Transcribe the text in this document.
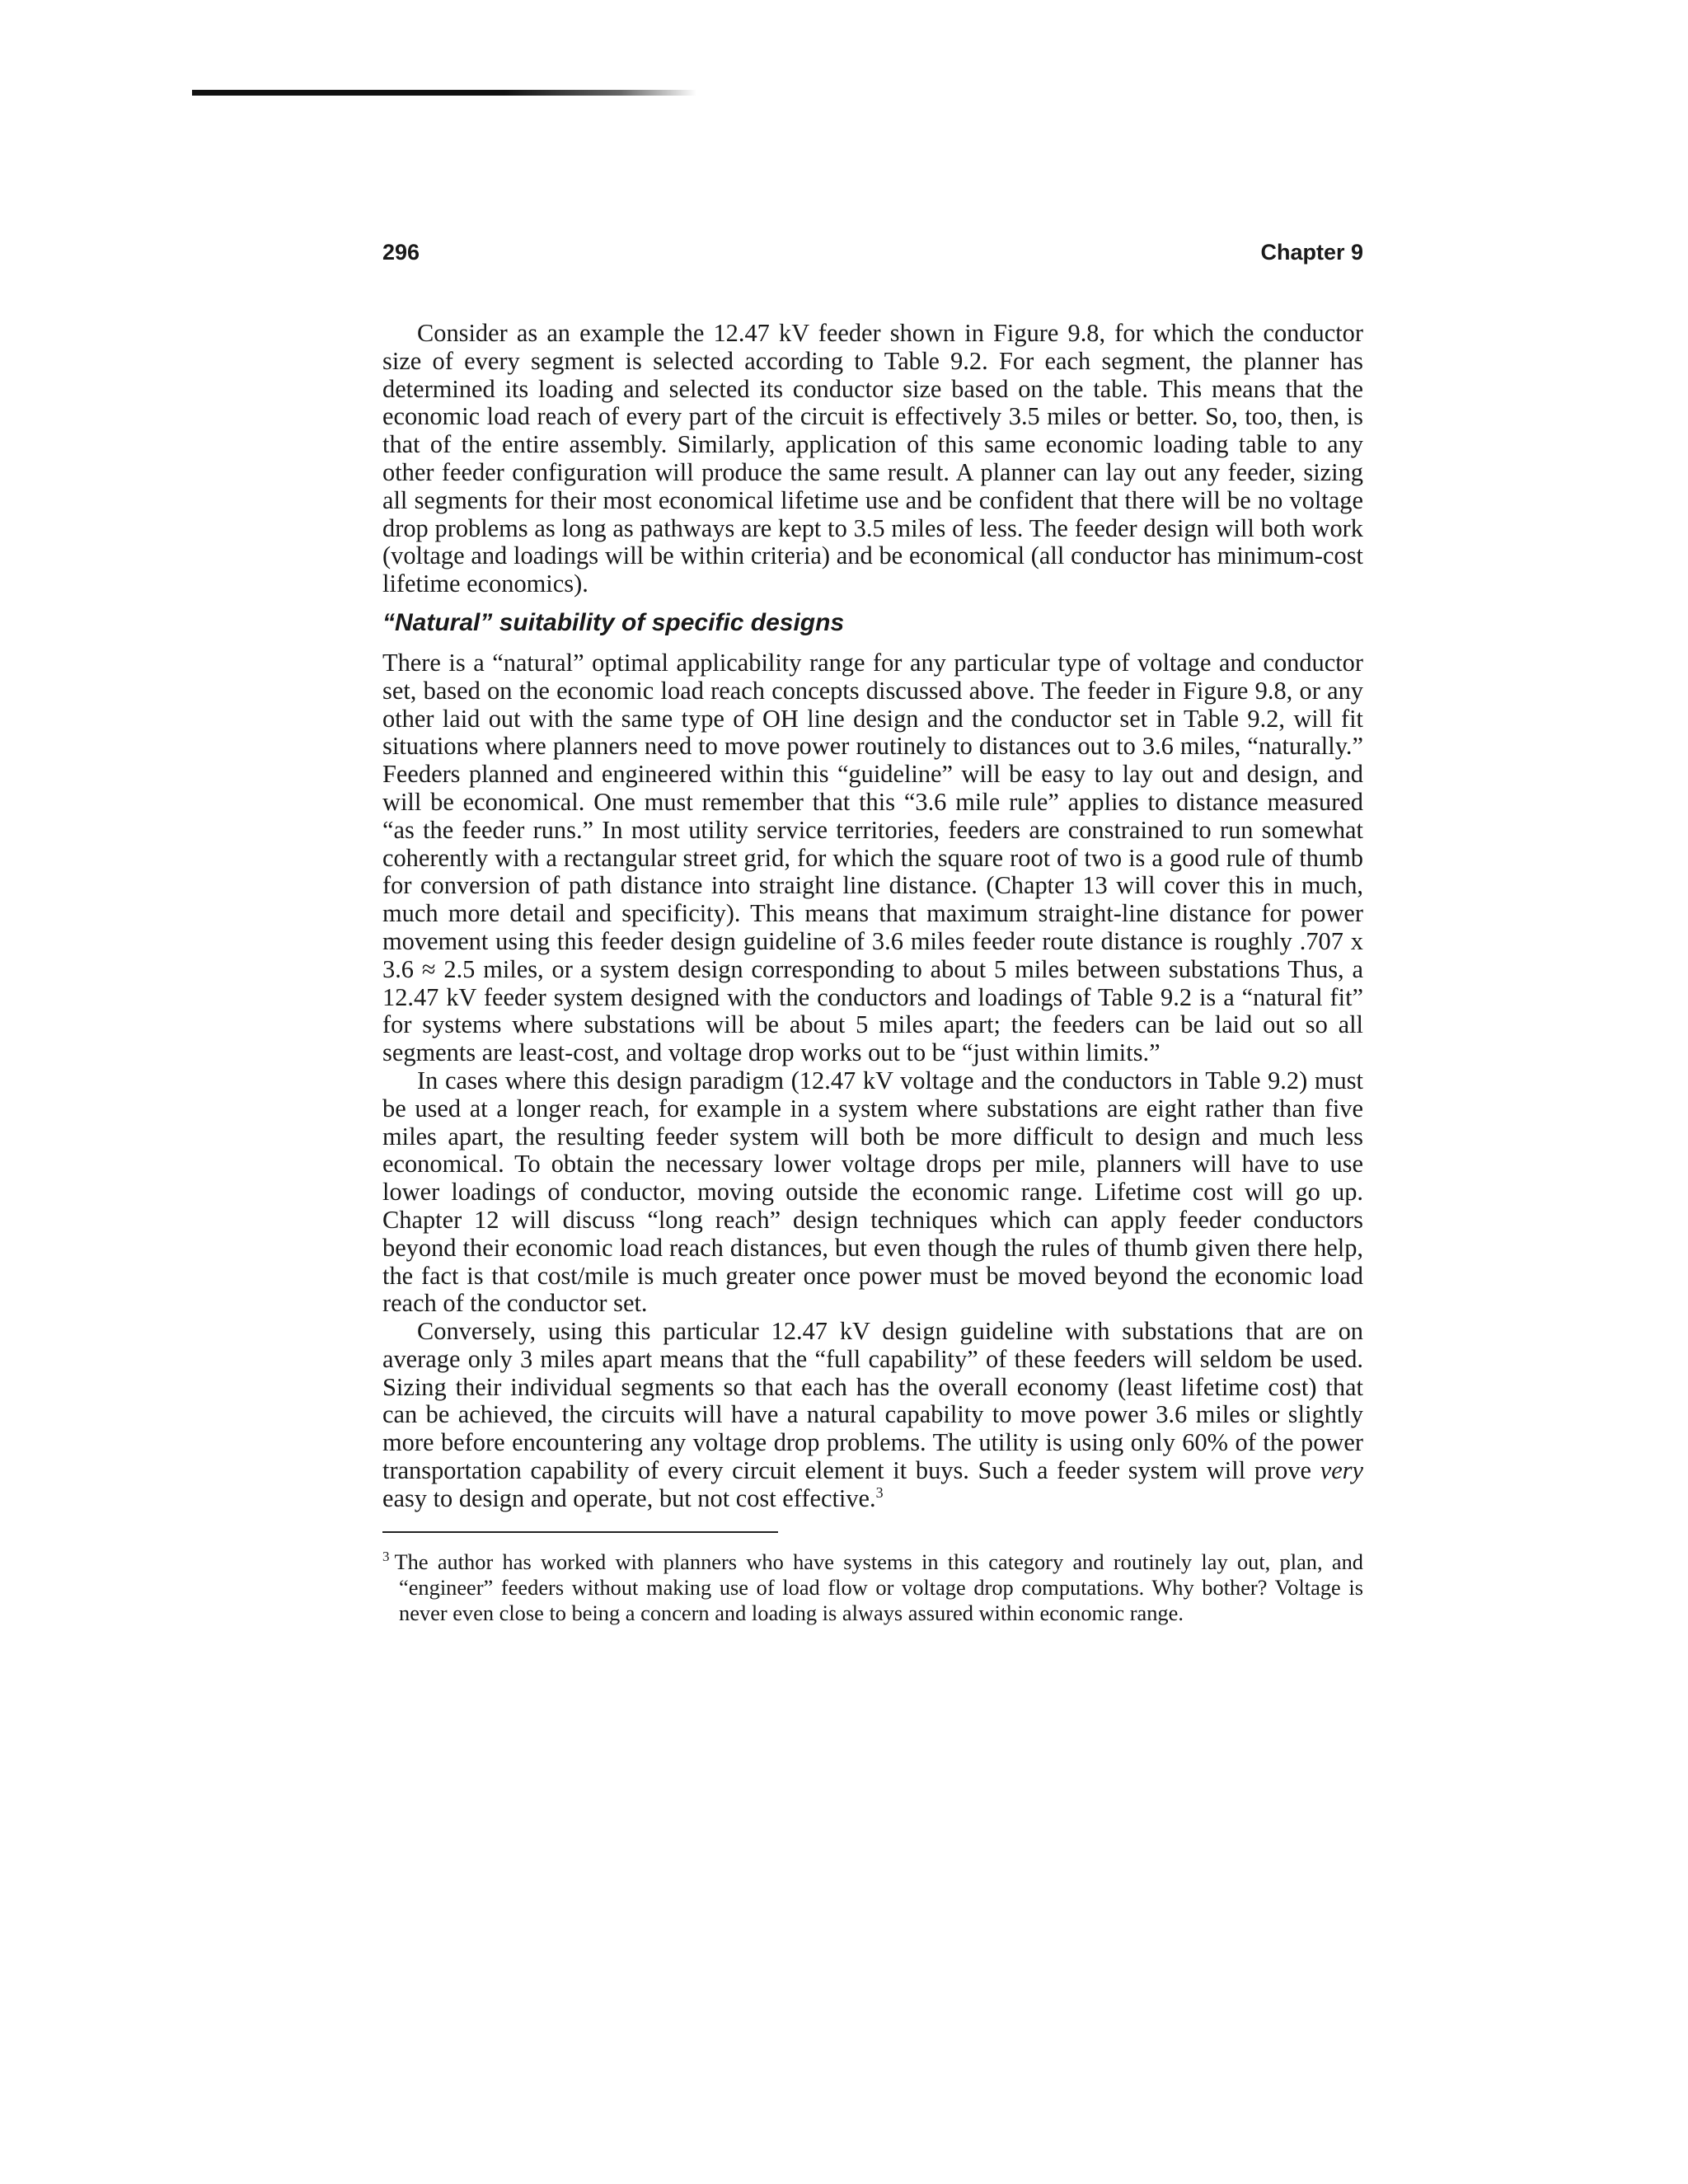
296	Chapter 9

Consider as an example the 12.47 kV feeder shown in Figure 9.8, for which the conductor size of every segment is selected according to Table 9.2. For each segment, the planner has determined its loading and selected its conductor size based on the table. This means that the economic load reach of every part of the circuit is effectively 3.5 miles or better. So, too, then, is that of the entire assembly. Similarly, application of this same economic loading table to any other feeder configuration will produce the same result. A planner can lay out any feeder, sizing all segments for their most economical lifetime use and be confident that there will be no voltage drop problems as long as pathways are kept to 3.5 miles of less. The feeder design will both work (voltage and loadings will be within criteria) and be economical (all conductor has minimum-cost lifetime economics).

“Natural” suitability of specific designs

There is a “natural” optimal applicability range for any particular type of voltage and conductor set, based on the economic load reach concepts discussed above. The feeder in Figure 9.8, or any other laid out with the same type of OH line design and the conductor set in Table 9.2, will fit situations where planners need to move power routinely to distances out to 3.6 miles, “naturally.” Feeders planned and engineered within this “guideline” will be easy to lay out and design, and will be economical. One must remember that this “3.6 mile rule” applies to distance measured “as the feeder runs.” In most utility service territories, feeders are constrained to run somewhat coherently with a rectangular street grid, for which the square root of two is a good rule of thumb for conversion of path distance into straight line distance. (Chapter 13 will cover this in much, much more detail and specificity). This means that maximum straight-line distance for power movement using this feeder design guideline of 3.6 miles feeder route distance is roughly .707 x 3.6 ≈ 2.5 miles, or a system design corresponding to about 5 miles between substations Thus, a 12.47 kV feeder system designed with the conductors and loadings of Table 9.2 is a “natural fit” for systems where substations will be about 5 miles apart; the feeders can be laid out so all segments are least-cost, and voltage drop works out to be “just within limits.”

In cases where this design paradigm (12.47 kV voltage and the conductors in Table 9.2) must be used at a longer reach, for example in a system where substations are eight rather than five miles apart, the resulting feeder system will both be more difficult to design and much less economical. To obtain the necessary lower voltage drops per mile, planners will have to use lower loadings of conductor, moving outside the economic range. Lifetime cost will go up. Chapter 12 will discuss “long reach” design techniques which can apply feeder conductors beyond their economic load reach distances, but even though the rules of thumb given there help, the fact is that cost/mile is much greater once power must be moved beyond the economic load reach of the conductor set.

Conversely, using this particular 12.47 kV design guideline with substations that are on average only 3 miles apart means that the “full capability” of these feeders will seldom be used. Sizing their individual segments so that each has the overall economy (least lifetime cost) that can be achieved, the circuits will have a natural capability to move power 3.6 miles or slightly more before encountering any voltage drop problems. The utility is using only 60% of the power transportation capability of every circuit element it buys. Such a feeder system will prove very easy to design and operate, but not cost effective.$^3$

$^3$ The author has worked with planners who have systems in this category and routinely lay out, plan, and “engineer” feeders without making use of load flow or voltage drop computations. Why bother? Voltage is never even close to being a concern and loading is always assured within economic range.
